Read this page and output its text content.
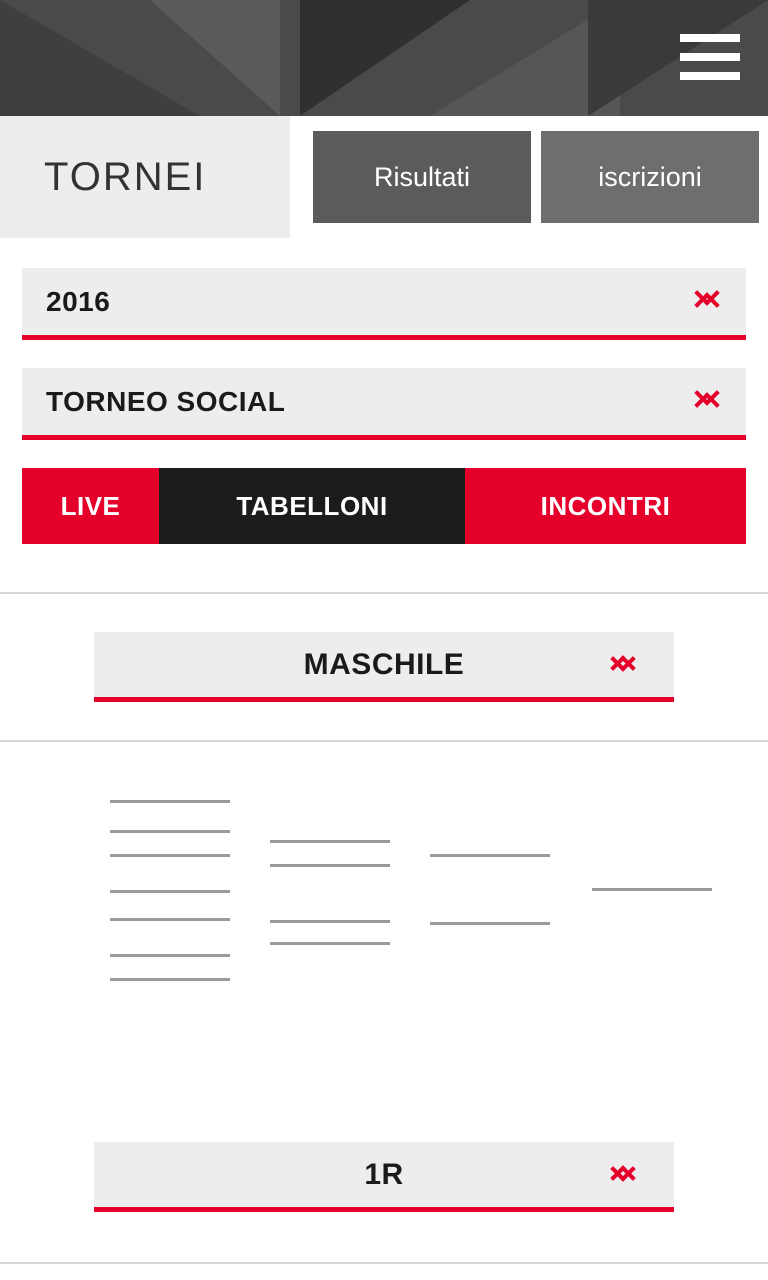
TORNEI	Risultati	iscrizioni
2016
TORNEO SOCIAL
LIVE	TABELLONI	INCONTRI
MASCHILE
1R
